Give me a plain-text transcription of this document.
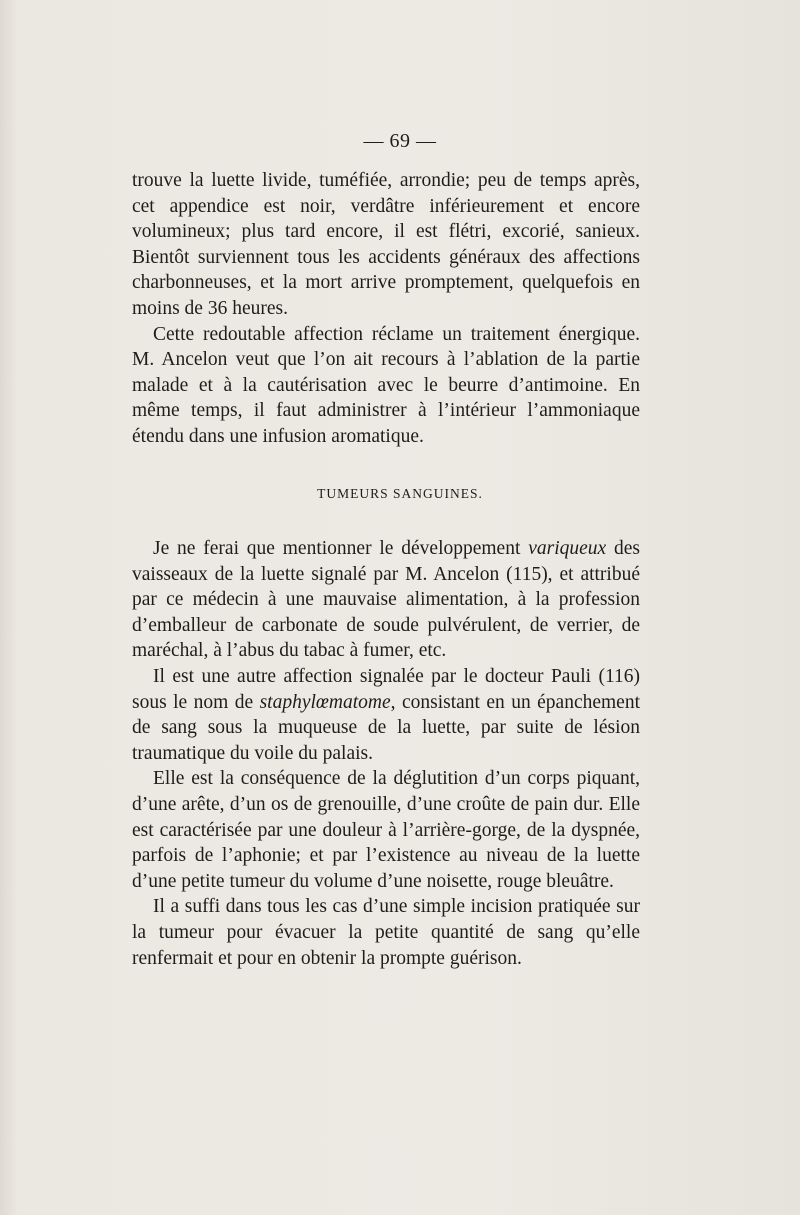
— 69 —

trouve la luette livide, tuméfiée, arrondie; peu de temps après, cet appendice est noir, verdâtre inférieurement et encore volumineux; plus tard encore, il est flétri, excorié, sanieux. Bientôt surviennent tous les accidents généraux des affections charbonneuses, et la mort arrive promptement, quelquefois en moins de 36 heures.

Cette redoutable affection réclame un traitement énergique. M. Ancelon veut que l’on ait recours à l’ablation de la partie malade et à la cautérisation avec le beurre d’antimoine. En même temps, il faut administrer à l’intérieur l’ammoniaque étendu dans une infusion aromatique.

TUMEURS SANGUINES.

Je ne ferai que mentionner le développement variqueux des vaisseaux de la luette signalé par M. Ancelon (115), et attribué par ce médecin à une mauvaise alimentation, à la profession d’emballeur de carbonate de soude pulvérulent, de verrier, de maréchal, à l’abus du tabac à fumer, etc.

Il est une autre affection signalée par le docteur Pauli (116) sous le nom de staphylœmatome, consistant en un épanchement de sang sous la muqueuse de la luette, par suite de lésion traumatique du voile du palais.

Elle est la conséquence de la déglutition d’un corps piquant, d’une arête, d’un os de grenouille, d’une croûte de pain dur. Elle est caractérisée par une douleur à l’arrière-gorge, de la dyspnée, parfois de l’aphonie; et par l’existence au niveau de la luette d’une petite tumeur du volume d’une noisette, rouge bleuâtre.

Il a suffi dans tous les cas d’une simple incision pratiquée sur la tumeur pour évacuer la petite quantité de sang qu’elle renfermait et pour en obtenir la prompte guérison.
